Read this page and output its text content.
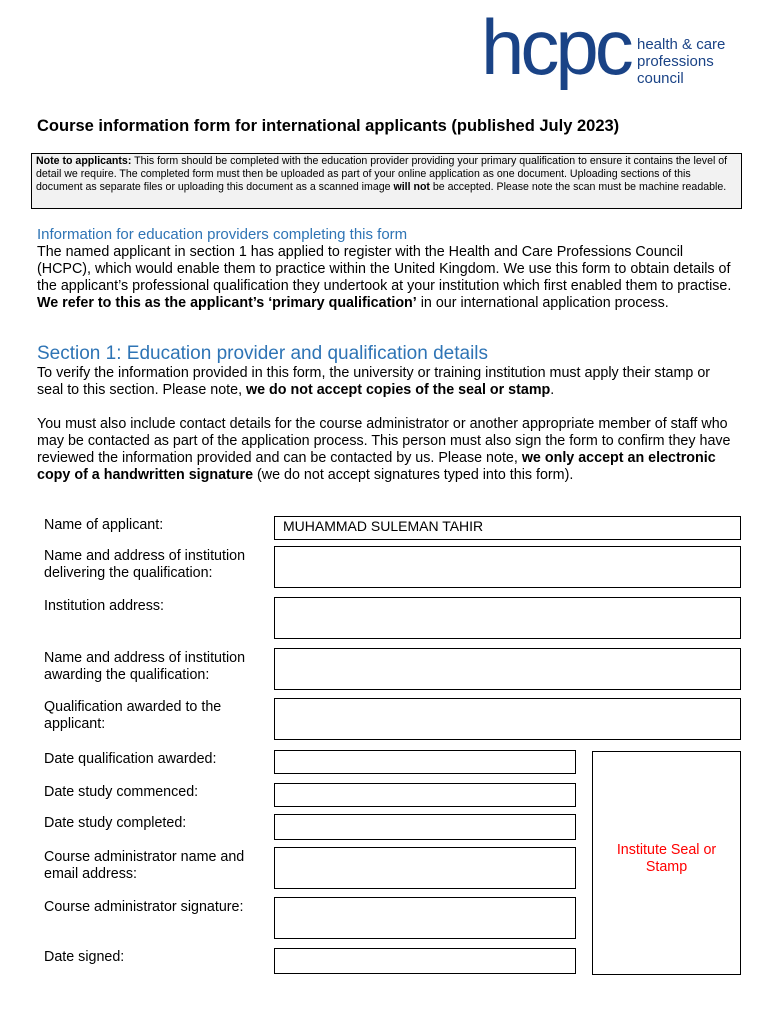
hcpc health & care
professions
council
Course information form for international applicants (published July 2023)
Note to applicants: This form should be completed with the education provider providing your primary qualification to ensure it contains the level of detail we require. The completed form must then be uploaded as part of your online application as one document. Uploading sections of this document as separate files or uploading this document as a scanned image will not be accepted. Please note the scan must be machine readable.
Information for education providers completing this form
The named applicant in section 1 has applied to register with the Health and Care Professions Council (HCPC), which would enable them to practice within the United Kingdom. We use this form to obtain details of the applicant’s professional qualification they undertook at your institution which first enabled them to practise. We refer to this as the applicant’s ‘primary qualification’ in our international application process.
Section 1: Education provider and qualification details
To verify the information provided in this form, the university or training institution must apply their stamp or seal to this section. Please note, we do not accept copies of the seal or stamp.
You must also include contact details for the course administrator or another appropriate member of staff who may be contacted as part of the application process. This person must also sign the form to confirm they have reviewed the information provided and can be contacted by us. Please note, we only accept an electronic copy of a handwritten signature (we do not accept signatures typed into this form).
Name of applicant:	MUHAMMAD SULEMAN TAHIR
Name and address of institution delivering the qualification:
Institution address:
Name and address of institution awarding the qualification:
Qualification awarded to the applicant:
Date qualification awarded:
Date study commenced:
Date study completed:
Course administrator name and email address:
Course administrator signature:
Date signed:
Institute Seal or Stamp
